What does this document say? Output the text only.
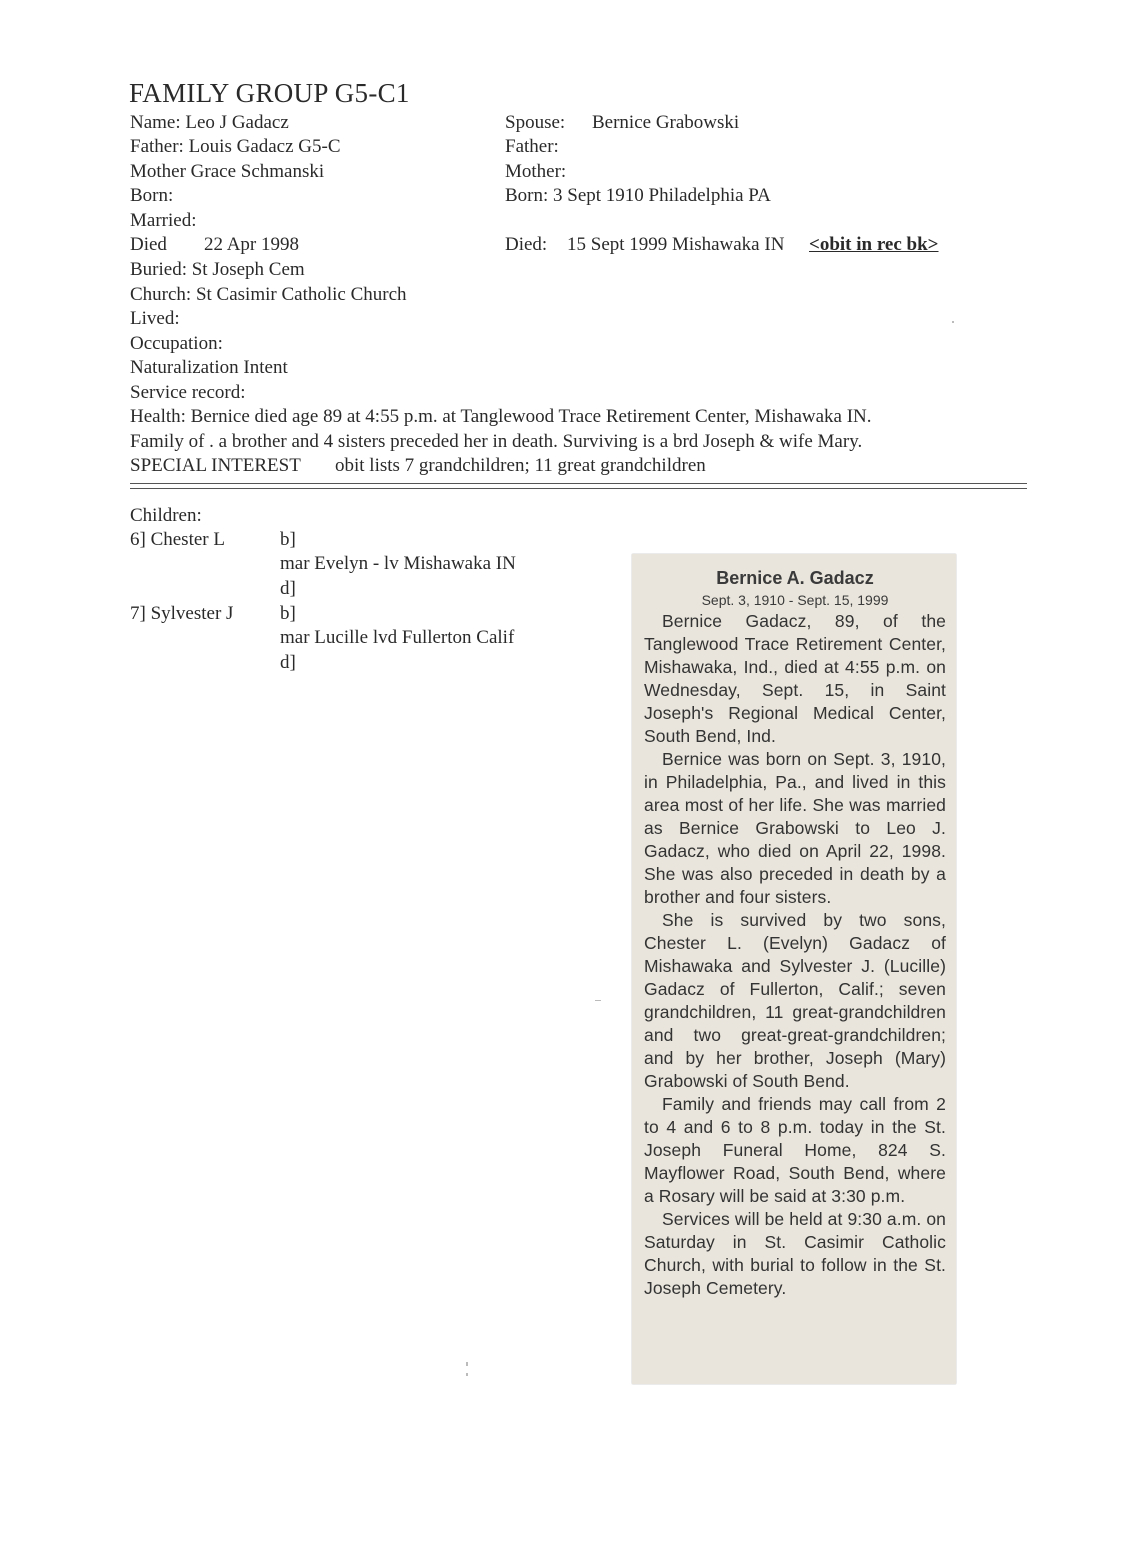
FAMILY GROUP G5-C1
Name: Leo J Gadacz
Father: Louis Gadacz G5-C
Mother Grace Schmanski
Born:
Married:
Died 22 Apr 1998
Buried: St Joseph Cem
Church: St Casimir Catholic Church
Lived:
Occupation:
Naturalization Intent
Service record:
Spouse: Bernice Grabowski
Father:
Mother:
Born: 3 Sept 1910 Philadelphia PA
Died: 15 Sept 1999 Mishawaka IN <obit in rec bk>
Health: Bernice died age 89 at 4:55 p.m. at Tanglewood Trace Retirement Center, Mishawaka IN.
Family of . a brother and 4 sisters preceded her in death. Surviving is a brd Joseph & wife Mary.
SPECIAL INTEREST obit lists 7 grandchildren; 11 great grandchildren
Children:
6] Chester L	b]
mar Evelyn - lv Mishawaka IN
d]
7] Sylvester J b]
mar Lucille lvd Fullerton Calif
d]
Bernice A. Gadacz
Sept. 3, 1910 - Sept. 15, 1999

Bernice Gadacz, 89, of the Tanglewood Trace Retirement Center, Mishawaka, Ind., died at 4:55 p.m. on Wednesday, Sept. 15, in Saint Joseph's Regional Medical Center, South Bend, Ind.

Bernice was born on Sept. 3, 1910, in Philadelphia, Pa., and lived in this area most of her life. She was married as Bernice Grabowski to Leo J. Gadacz, who died on April 22, 1998. She was also preceded in death by a brother and four sisters.

She is survived by two sons, Chester L. (Evelyn) Gadacz of Mishawaka and Sylvester J. (Lucille) Gadacz of Fullerton, Calif.; seven grandchildren, 11 great-grandchildren and two great-great-grandchildren; and by her brother, Joseph (Mary) Grabowski of South Bend.

Family and friends may call from 2 to 4 and 6 to 8 p.m. today in the St. Joseph Funeral Home, 824 S. Mayflower Road, South Bend, where a Rosary will be said at 3:30 p.m.

Services will be held at 9:30 a.m. on Saturday in St. Casimir Catholic Church, with burial to follow in the St. Joseph Cemetery.
